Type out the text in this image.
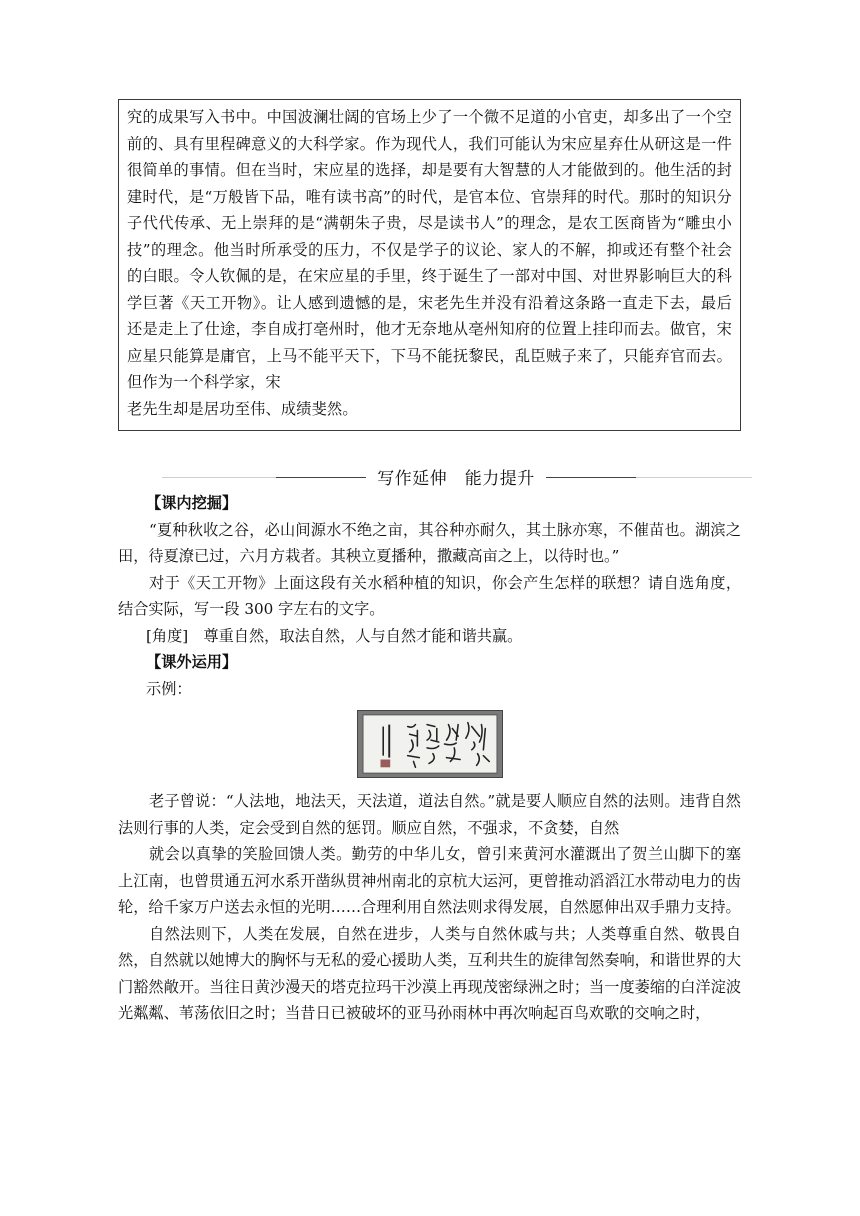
究的成果写入书中。中国波澜壮阔的官场上少了一个微不足道的小官吏，却多出了一个空前的、具有里程碑意义的大科学家。作为现代人，我们可能认为宋应星弃仕从研这是一件很简单的事情。但在当时，宋应星的选择，却是要有大智慧的人才能做到的。他生活的封建时代，是“万般皆下品，唯有读书高”的时代，是官本位、官崇拜的时代。那时的知识分子代代传承、无上崇拜的是“满朝朱子贵，尽是读书人”的理念，是农工医商皆为“雕虫小技”的理念。他当时所承受的压力，不仅是学子的议论、家人的不解，抑或还有整个社会的白眼。令人钦佩的是，在宋应星的手里，终于诞生了一部对中国、对世界影响巨大的科学巨著《天工开物》。让人感到遗憾的是，宋老先生并没有沿着这条路一直走下去，最后还是走上了仕途，李自成打亳州时，他才无奈地从亳州知府的位置上挂印而去。做官，宋应星只能算是庸官，上马不能平天下，下马不能抚黎民，乱臣贼子来了，只能弃官而去。但作为一个科学家，宋
老先生却是居功至伟、成绩斐然。

写作延伸　能力提升

【课内挖掘】

“夏种秋收之谷，必山间源水不绝之亩，其谷种亦耐久，其土脉亦寒，不催苗也。湖滨之田，待夏潦已过，六月方栽者。其秧立夏播种，撒藏高亩之上，以待时也。”

对于《天工开物》上面这段有关水稻种植的知识，你会产生怎样的联想？请自选角度，结合实际，写一段 300 字左右的文字。

[角度]　 尊重自然，取法自然，人与自然才能和谐共赢。

【课外运用】

示例：

老子曾说：“人法地，地法天，天法道，道法自然。”就是要人顺应自然的法则。违背自然法则行事的人类，定会受到自然的惩罚。顺应自然，不强求，不贪婪，自然

就会以真挚的笑脸回馈人类。勤劳的中华儿女，曾引来黄河水灌溉出了贺兰山脚下的塞上江南，也曾贯通五河水系开凿纵贯神州南北的京杭大运河，更曾推动滔滔江水带动电力的齿轮，给千家万户送去永恒的光明……合理利用自然法则求得发展，自然愿伸出双手鼎力支持。

自然法则下，人类在发展，自然在进步，人类与自然休戚与共；人类尊重自然、敬畏自然，自然就以她博大的胸怀与无私的爱心援助人类，互利共生的旋律訇然奏响，和谐世界的大门豁然敞开。当往日黄沙漫天的塔克拉玛干沙漠上再现茂密绿洲之时；当一度萎缩的白洋淀波光粼粼、苇荡依旧之时；当昔日已被破坏的亚马孙雨林中再次响起百鸟欢歌的交响之时，
